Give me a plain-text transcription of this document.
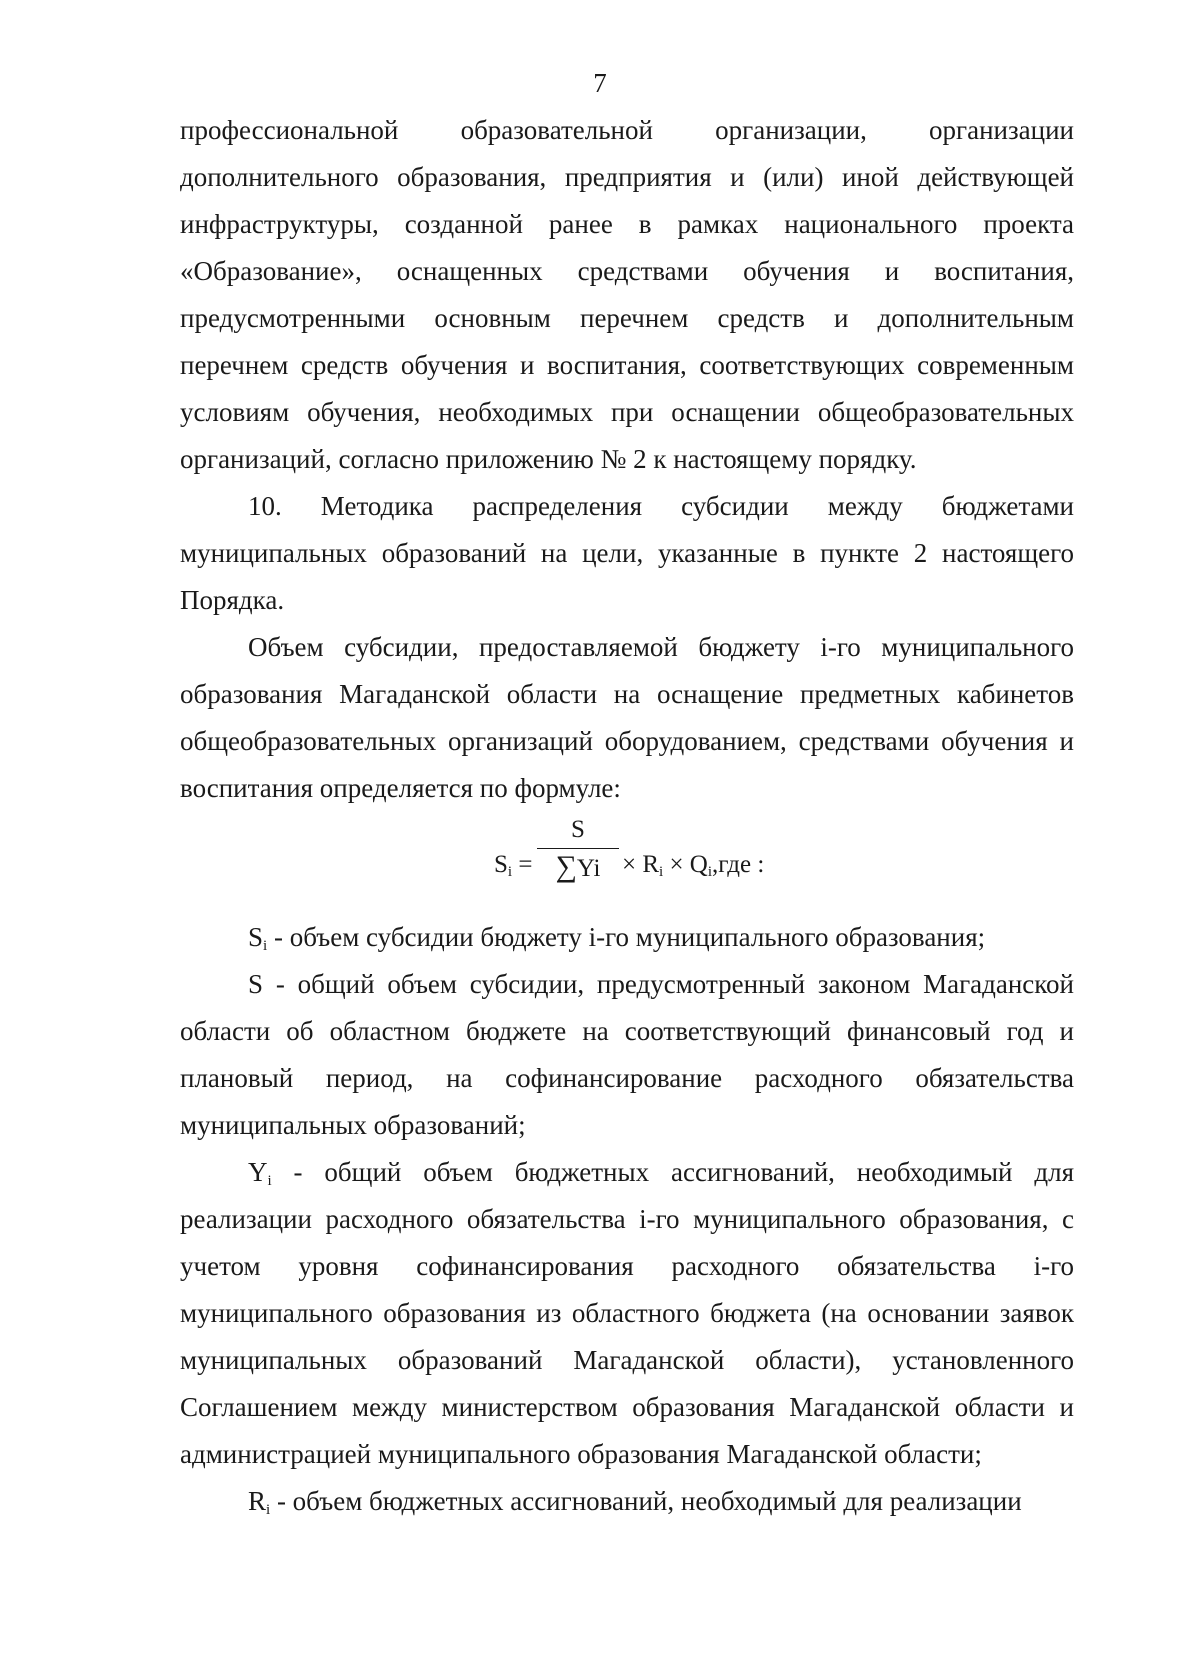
7

профессиональной образовательной организации, организации дополнительного образования, предприятия и (или) иной действующей инфраструктуры, созданной ранее в рамках национального проекта «Образование», оснащенных средствами обучения и воспитания, предусмотренными основным перечнем средств и дополнительным перечнем средств обучения и воспитания, соответствующих современным условиям обучения, необходимых при оснащении общеобразовательных организаций, согласно приложению № 2 к настоящему порядку.

10. Методика распределения субсидии между бюджетами муниципальных образований на цели, указанные в пункте 2 настоящего Порядка.

Объем субсидии, предоставляемой бюджету i-го муниципального образования Магаданской области на оснащение предметных кабинетов общеобразовательных организаций оборудованием, средствами обучения и воспитания определяется по формуле:

$S_i$ =
S
$\sum Yi \times R_i \times Q_i,где$ :

$S_i$ - объем субсидии бюджету i-го муниципального образования;

S - общий объем субсидии, предусмотренный законом Магаданской области об областном бюджете на соответствующий финансовый год и плановый период, на софинансирование расходного обязательства муниципальных образований;

$Y_i$ - общий объем бюджетных ассигнований, необходимый для реализации расходного обязательства i-го муниципального образования, с учетом уровня софинансирования расходного обязательства i-го муниципального образования из областного бюджета (на основании заявок муниципальных образований Магаданской области), установленного Соглашением между министерством образования Магаданской области и администрацией муниципального образования Магаданской области;

$R_i$ - объем бюджетных ассигнований, необходимый для реализации
